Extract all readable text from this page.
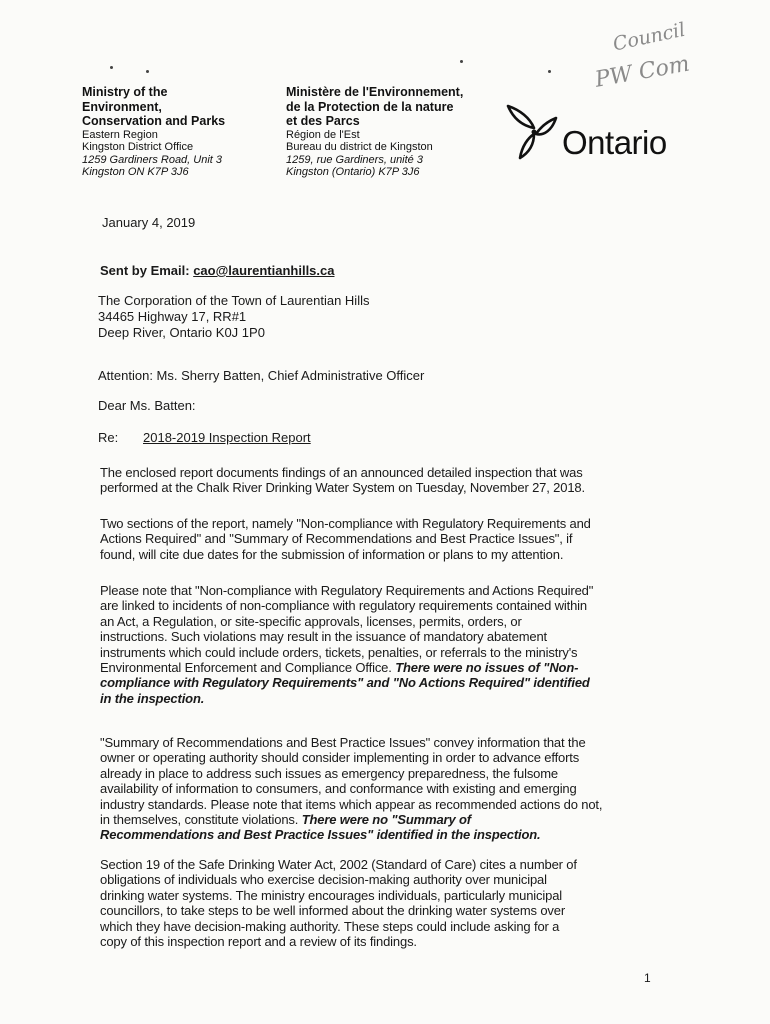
Council
PW Com
Ministry of the
Environment,
Conservation and Parks
Eastern Region
Kingston District Office
1259 Gardiners Road, Unit 3
Kingston ON K7P 3J6
Ministère de l'Environnement,
de la Protection de la nature
et des Parcs
Région de l'Est
Bureau du district de Kingston
1259, rue Gardiners, unité 3
Kingston (Ontario) K7P 3J6
Ontario
January 4, 2019
Sent by Email: cao@laurentianhills.ca
The Corporation of the Town of Laurentian Hills
34465 Highway 17, RR#1
Deep River, Ontario K0J 1P0
Attention: Ms. Sherry Batten, Chief Administrative Officer
Dear Ms. Batten:
Re: 2018-2019 Inspection Report

The enclosed report documents findings of an announced detailed inspection that was

performed at the Chalk River Drinking Water System on Tuesday, November 27, 2018.

Two sections of the report, namely "Non-compliance with Regulatory Requirements and

Actions Required" and "Summary of Recommendations and Best Practice Issues", if

found, will cite due dates for the submission of information or plans to my attention.

Please note that "Non-compliance with Regulatory Requirements and Actions Required"

are linked to incidents of non-compliance with regulatory requirements contained within

an Act, a Regulation, or site-specific approvals, licenses, permits, orders, or

instructions. Such violations may result in the issuance of mandatory abatement

instruments which could include orders, tickets, penalties, or referrals to the ministry's

Environmental Enforcement and Compliance Office. There were no issues of "Non-

compliance with Regulatory Requirements" and "No Actions Required" identified

in the inspection.

"Summary of Recommendations and Best Practice Issues" convey information that the

owner or operating authority should consider implementing in order to advance efforts

already in place to address such issues as emergency preparedness, the fulsome

availability of information to consumers, and conformance with existing and emerging

industry standards. Please note that items which appear as recommended actions do not,

in themselves, constitute violations. There were no "Summary of

Recommendations and Best Practice Issues" identified in the inspection.

Section 19 of the Safe Drinking Water Act, 2002 (Standard of Care) cites a number of

obligations of individuals who exercise decision-making authority over municipal

drinking water systems. The ministry encourages individuals, particularly municipal

councillors, to take steps to be well informed about the drinking water systems over

which they have decision-making authority. These steps could include asking for a

copy of this inspection report and a review of its findings.

1
